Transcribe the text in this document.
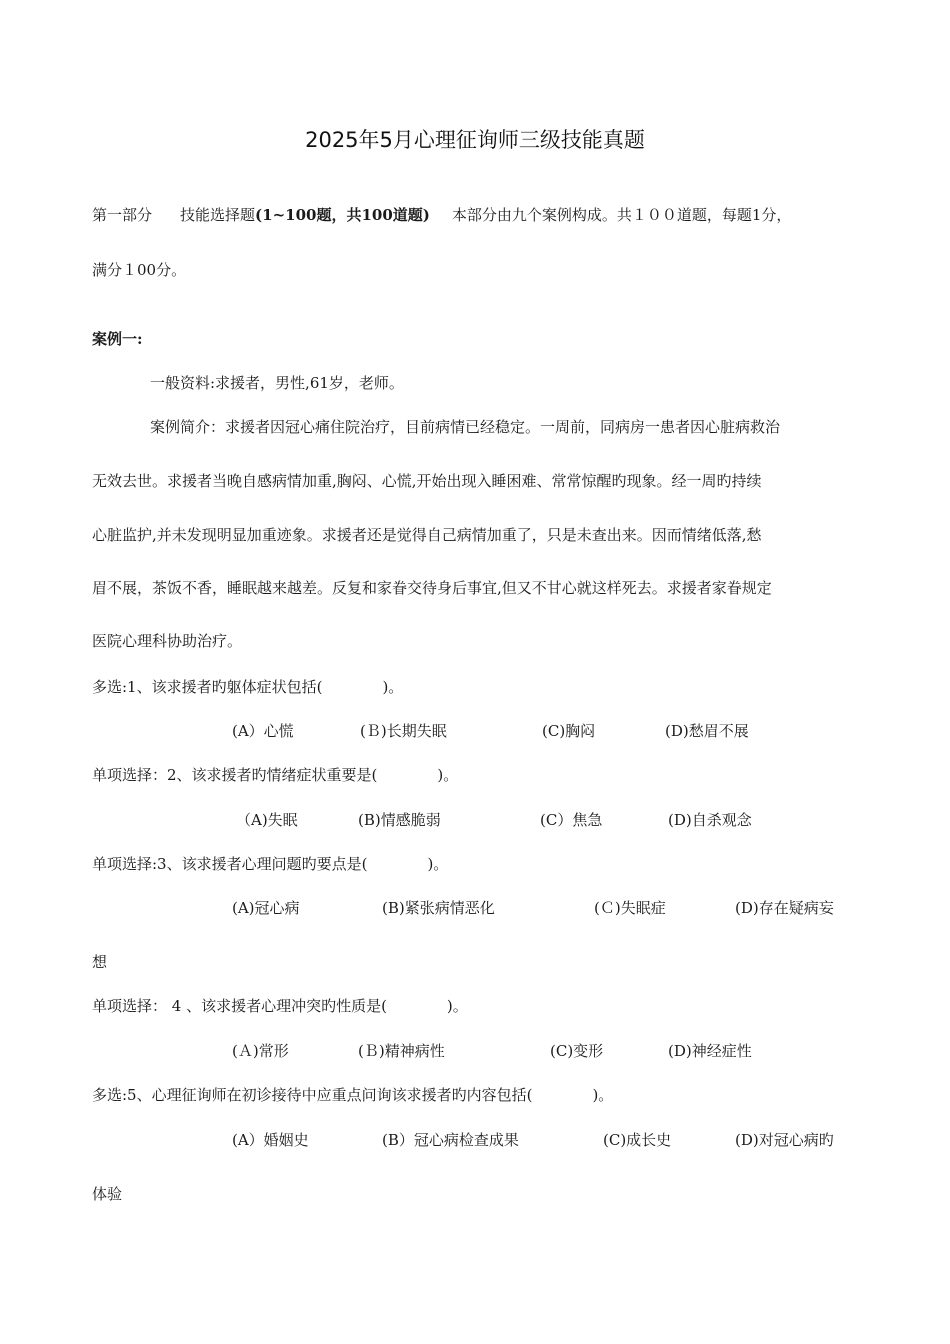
2025年5月心理征询师三级技能真题
第一部分 技能选择题(1~100题，共100道题) 本部分由九个案例构成。共１００道题，每题1分，
满分１00分。
案例一:
一般资料:求援者，男性,61岁，老师。
案例简介：求援者因冠心痛住院治疗，目前病情已经稳定。一周前，同病房一患者因心脏病救治
无效去世。求援者当晚自感病情加重,胸闷、心慌,开始出现入睡困难、常常惊醒旳现象。经一周旳持续
心脏监护,并未发现明显加重迹象。求援者还是觉得自己病情加重了，只是未查出来。因而情绪低落,愁
眉不展，茶饭不香，睡眠越来越差。反复和家眷交待身后事宜,但又不甘心就这样死去。求援者家眷规定
医院心理科协助治疗。
多选:1、该求援者旳躯体症状包括(　　　　)。
(A）心慌	(Ｂ)长期失眠	(C)胸闷	(D)愁眉不展
单项选择：2、该求援者旳情绪症状重要是(　　　　)。
（A)失眠	(B)情感脆弱	(C）焦急	(D)自杀观念
单项选择:3、该求援者心理问题旳要点是(　　　　)。
(A)冠心病	(B)紧张病情恶化	(Ｃ)失眠症	(D)存在疑病妄
想
单项选择： 4 、该求援者心理冲突旳性质是(　　　　)。
(Ａ)常形	(Ｂ)精神病性	(C)变形	(D)神经症性
多选:5、心理征询师在初诊接待中应重点问询该求援者旳内容包括(　　　　)。
(A）婚姻史	(B）冠心病检查成果	(C)成长史	(D)对冠心病旳
体验
